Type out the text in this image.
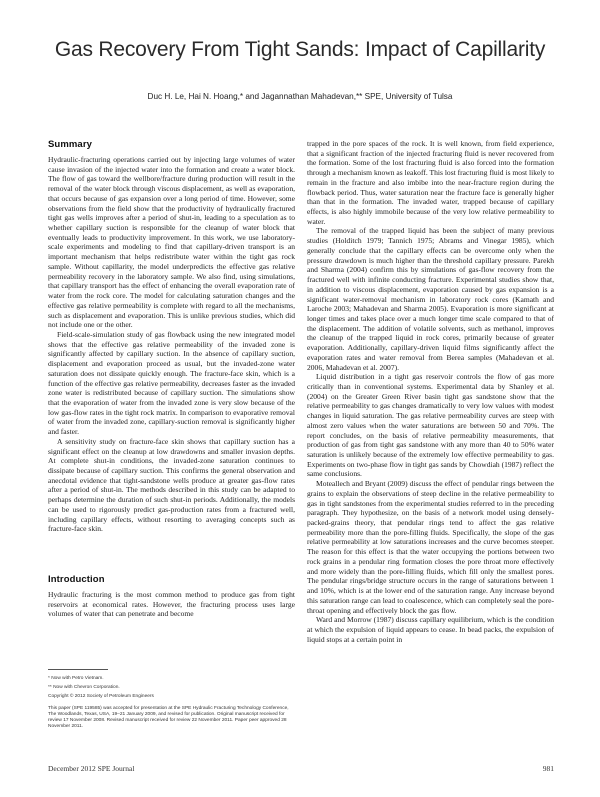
Gas Recovery From Tight Sands: Impact of Capillarity
Duc H. Le, Hai N. Hoang,* and Jagannathan Mahadevan,** SPE, University of Tulsa
Summary

Hydraulic-fracturing operations carried out by injecting large volumes of water cause invasion of the injected water into the formation and create a water block. The flow of gas toward the wellbore/fracture during production will result in the removal of the water block through viscous displacement, as well as evaporation, that occurs because of gas expansion over a long period of time. However, some observations from the field show that the productivity of hydraulically fractured tight gas wells improves after a period of shut-in, leading to a speculation as to whether capillary suction is responsible for the cleanup of water block that eventually leads to productivity improvement. In this work, we use laboratory-scale experiments and modeling to find that capillary-driven transport is an important mechanism that helps redistribute water within the tight gas rock sample. Without capillarity, the model underpredicts the effective gas relative permeability recovery in the laboratory sample. We also find, using simulations, that capillary transport has the effect of enhancing the overall evaporation rate of water from the rock core. The model for calculating saturation changes and the effective gas relative permeability is complete with regard to all the mechanisms, such as displacement and evaporation. This is unlike previous studies, which did not include one or the other.

Field-scale-simulation study of gas flowback using the new integrated model shows that the effective gas relative permeability of the invaded zone is significantly affected by capillary suction. In the absence of capillary suction, displacement and evaporation proceed as usual, but the invaded-zone water saturation does not dissipate quickly enough. The fracture-face skin, which is a function of the effective gas relative permeability, decreases faster as the invaded zone water is redistributed because of capillary suction. The simulations show that the evaporation of water from the invaded zone is very slow because of the low gas-flow rates in the tight rock matrix. In comparison to evaporative removal of water from the invaded zone, capillary-suction removal is significantly higher and faster.

A sensitivity study on fracture-face skin shows that capillary suction has a significant effect on the cleanup at low drawdowns and smaller invasion depths. At complete shut-in conditions, the invaded-zone saturation continues to dissipate because of capillary suction. This confirms the general observation and anecdotal evidence that tight-sandstone wells produce at greater gas-flow rates after a period of shut-in. The methods described in this study can be adapted to perhaps determine the duration of such shut-in periods. Additionally, the models can be used to rigorously predict gas-production rates from a fractured well, including capillary effects, without resorting to averaging concepts such as fracture-face skin.

Introduction

Hydraulic fracturing is the most common method to produce gas from tight reservoirs at economical rates. However, the fracturing process uses large volumes of water that can penetrate and become

* Now with Petro Vietnam.
** Now with Chevron Corporation.
Copyright © 2012 Society of Petroleum Engineers
This paper (SPE 119585) was accepted for presentation at the SPE Hydraulic Fracturing Technology Conference, The Woodlands, Texas, USA, 19–21 January 2009, and revised for publication. Original manuscript received for review 17 November 2008. Revised manuscript received for review 22 November 2011. Paper peer approved 28 November 2011.

trapped in the pore spaces of the rock. It is well known, from field experience, that a significant fraction of the injected fracturing fluid is never recovered from the formation. Some of the lost fracturing fluid is also forced into the formation through a mechanism known as leakoff. This lost fracturing fluid is most likely to remain in the fracture and also imbibe into the near-fracture region during the flowback period. Thus, water saturation near the fracture face is generally higher than that in the formation. The invaded water, trapped because of capillary effects, is also highly immobile because of the very low relative permeability to water.

The removal of the trapped liquid has been the subject of many previous studies (Holditch 1979; Tannich 1975; Abrams and Vinegar 1985), which generally conclude that the capillary effects can be overcome only when the pressure drawdown is much higher than the threshold capillary pressure. Parekh and Sharma (2004) confirm this by simulations of gas-flow recovery from the fractured well with infinite conducting fracture. Experimental studies show that, in addition to viscous displacement, evaporation caused by gas expansion is a significant water-removal mechanism in laboratory rock cores (Kamath and Laroche 2003; Mahadevan and Sharma 2005). Evaporation is more significant at longer times and takes place over a much longer time scale compared to that of the displacement. The addition of volatile solvents, such as methanol, improves the cleanup of the trapped liquid in rock cores, primarily because of greater evaporation. Additionally, capillary-driven liquid films significantly affect the evaporation rates and water removal from Berea samples (Mahadevan et al. 2006, Mahadevan et al. 2007).

Liquid distribution in a tight gas reservoir controls the flow of gas more critically than in conventional systems. Experimental data by Shanley et al. (2004) on the Greater Green River basin tight gas sandstone show that the relative permeability to gas changes dramatically to very low values with modest changes in liquid saturation. The gas relative permeability curves are steep with almost zero values when the water saturations are between 50 and 70%. The report concludes, on the basis of relative permeability measurements, that production of gas from tight gas sandstone with any more than 40 to 50% water saturation is unlikely because of the extremely low effective permeability to gas. Experiments on two-phase flow in tight gas sands by Chowdiah (1987) reflect the same conclusions.

Moteallech and Bryant (2009) discuss the effect of pendular rings between the grains to explain the observations of steep decline in the relative permeability to gas in tight sandstones from the experimental studies referred to in the preceding paragraph. They hypothesize, on the basis of a network model using densely-packed-grains theory, that pendular rings tend to affect the gas relative permeability more than the pore-filling fluids. Specifically, the slope of the gas relative permeability at low saturations increases and the curve becomes steeper. The reason for this effect is that the water occupying the portions between two rock grains in a pendular ring formation closes the pore throat more effectively and more widely than the pore-filling fluids, which fill only the smallest pores. The pendular rings/bridge structure occurs in the range of saturations between 1 and 10%, which is at the lower end of the saturation range. Any increase beyond this saturation range can lead to coalescence, which can completely seal the pore-throat opening and effectively block the gas flow.

Ward and Morrow (1987) discuss capillary equilibrium, which is the condition at which the expulsion of liquid appears to cease. In bead packs, the expulsion of liquid stops at a certain point in

December 2012 SPE Journal	981
